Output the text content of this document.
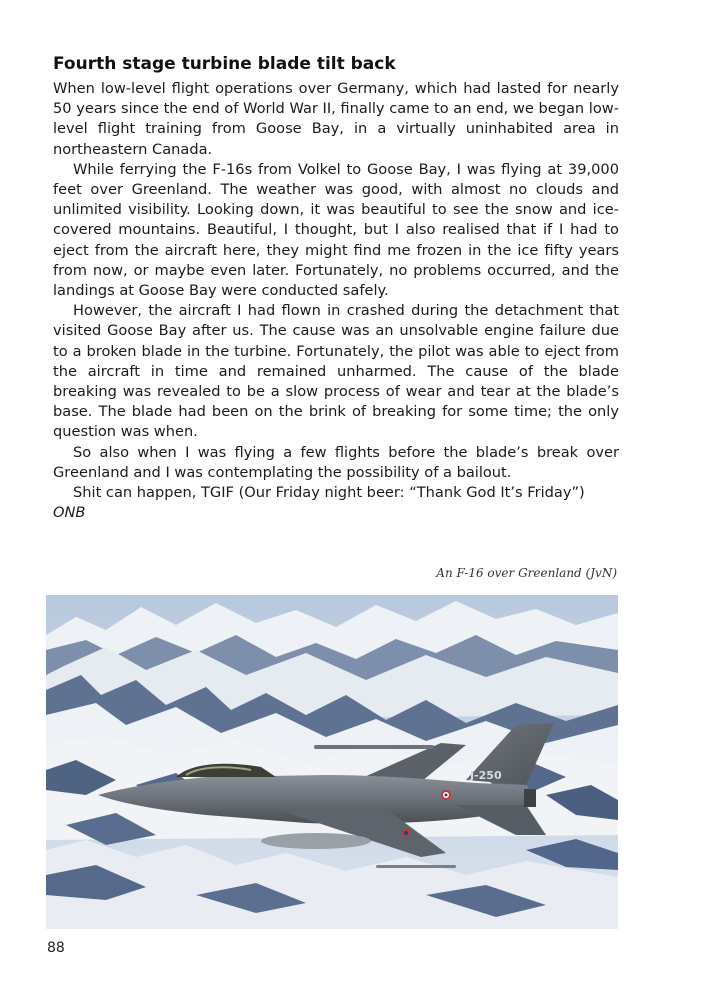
Fourth stage turbine blade tilt back

When low-level flight operations over Germany, which had lasted for nearly 50 years since the end of World War II, finally came to an end, we began low-level flight training from Goose Bay, in a virtually uninhabited area in northeastern Canada.

While ferrying the F-16s from Volkel to Goose Bay, I was flying at 39,000 feet over Greenland. The weather was good, with almost no clouds and unlimited visibility. Looking down, it was beautiful to see the snow and ice-covered mountains. Beautiful, I thought, but I also realised that if I had to eject from the aircraft here, they might find me frozen in the ice fifty years from now, or maybe even later. Fortunately, no problems occurred, and the landings at Goose Bay were conducted safely.

However, the aircraft I had flown in crashed during the detachment that visited Goose Bay after us. The cause was an unsolvable engine failure due to a broken blade in the turbine. Fortunately, the pilot was able to eject from the aircraft in time and remained unharmed. The cause of the blade breaking was revealed to be a slow process of wear and tear at the blade’s base. The blade had been on the brink of breaking for some time; the only question was when.

So also when I was flying a few flights before the blade’s break over Greenland and I was contemplating the possibility of a bailout.

Shit can happen, TGIF (Our Friday night beer: “Thank God It’s Friday”)

ONB

An F-16 over Greenland (JvN)
J-250
88
